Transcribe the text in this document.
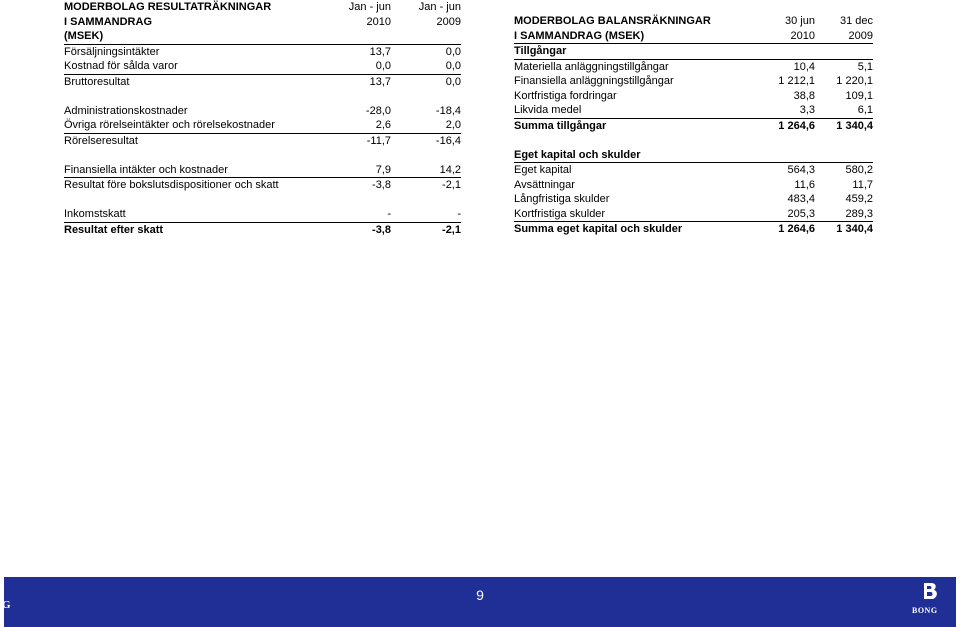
MODERBOLAG RESULTATRÄKNINGAR	Jan - jun	Jan - jun
I SAMMANDRAG	2010	2009
(MSEK)		
Försäljningsintäkter	13,7	0,0
Kostnad för sålda varor	0,0	0,0
Bruttoresultat	13,7	0,0

Administrationskostnader	-28,0	-18,4
Övriga rörelseintäkter och rörelsekostnader	2,6	2,0
Rörelseresultat	-11,7	-16,4

Finansiella intäkter och kostnader	7,9	14,2
Resultat före bokslutsdispositioner och skatt	-3,8	-2,1

Inkomstskatt	-	-
Resultat efter skatt	-3,8	-2,1
MODERBOLAG BALANSRÄKNINGAR	30 jun	31 dec
I SAMMANDRAG (MSEK)	2010	2009
Tillgångar		
Materiella anläggningstillgångar	10,4	5,1
Finansiella anläggningstillgångar	1 212,1	1 220,1
Kortfristiga fordringar	38,8	109,1
Likvida medel	3,3	6,1
Summa tillgångar	1 264,6	1 340,4

Eget kapital och skulder		
Eget kapital	564,3	580,2
Avsättningar	11,6	11,7
Långfristiga skulder	483,4	459,2
Kortfristiga skulder	205,3	289,3
Summa eget kapital och skulder	1 264,6	1 340,4
G
9
BONG
